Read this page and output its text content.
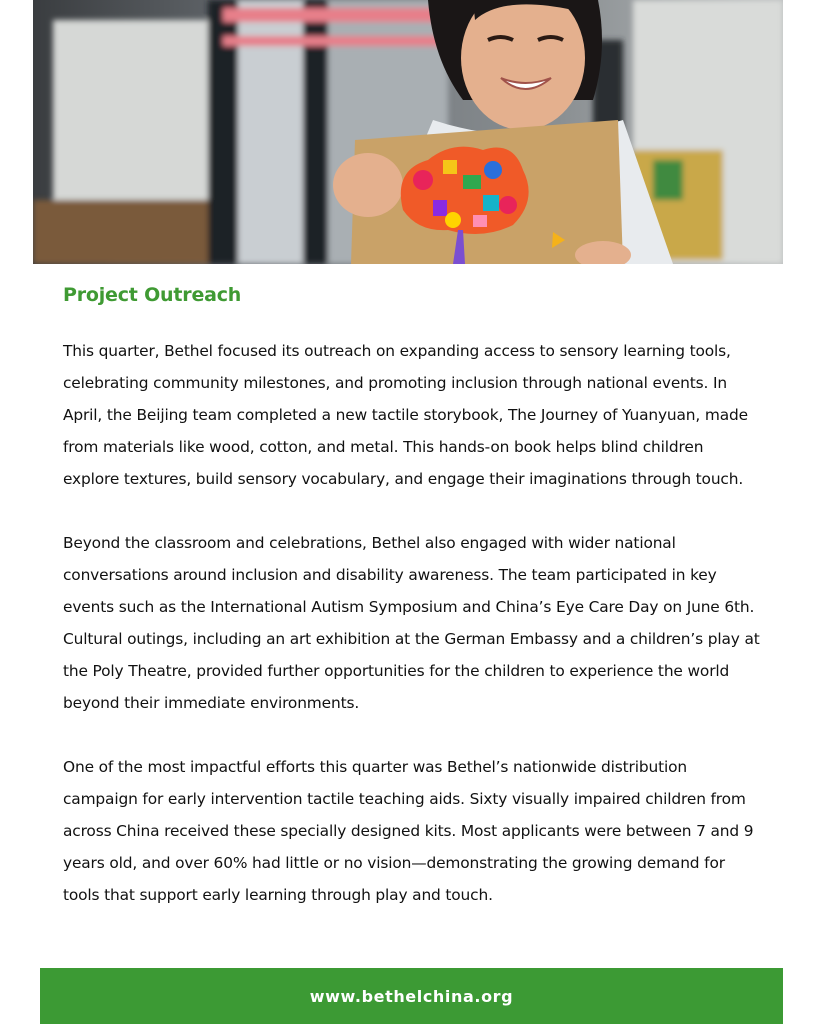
Project Outreach

This quarter, Bethel focused its outreach on expanding access to sensory learning tools, celebrating community milestones, and promoting inclusion through national events. In April, the Beijing team completed a new tactile storybook, The Journey of Yuanyuan, made from materials like wood, cotton, and metal. This hands-on book helps blind children explore textures, build sensory vocabulary, and engage their imaginations through touch.

Beyond the classroom and celebrations, Bethel also engaged with wider national conversations around inclusion and disability awareness. The team participated in key events such as the International Autism Symposium and China’s Eye Care Day on June 6th. Cultural outings, including an art exhibition at the German Embassy and a children’s play at the Poly Theatre, provided further opportunities for the children to experience the world beyond their immediate environments.

One of the most impactful efforts this quarter was Bethel’s nationwide distribution campaign for early intervention tactile teaching aids. Sixty visually impaired children from across China received these specially designed kits. Most applicants were between 7 and 9 years old, and over 60% had little or no vision—demonstrating the growing demand for tools that support early learning through play and touch.

www.bethelchina.org
